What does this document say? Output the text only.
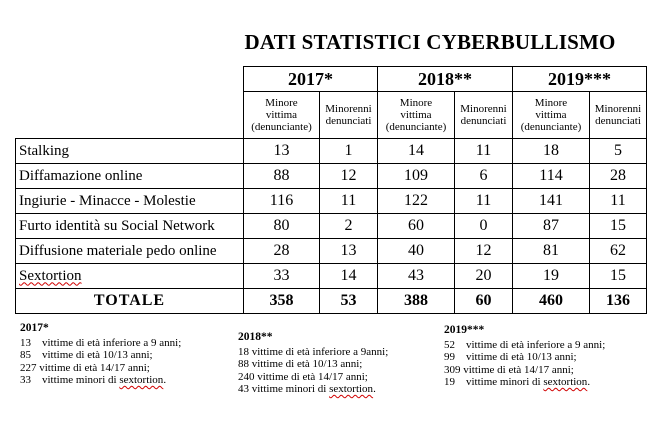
DATI STATISTICI CYBERBULLISMO
	2017*		2018**		2019***	

	Minore
vittima
(denunciante)	Minorenni
denunciati	Minore
vittima
(denunciante)	Minorenni
denunciati	Minore
vittima
(denunciante)	Minorenni
denunciati

Stalking	13	1	14	11	18	5
Diffamazione online	88	12	109	6	114	28
Ingiurie - Minacce - Molestie	116	11	122	11	141	11
Furto identità su Social Network	80	2	60	0	87	15
Diffusione materiale pedo online	28	13	40	12	81	62
Sextortion	33	14	43	20	19	15
TOTALE	358	53	388	60	460	136
2017*
13    vittime di età inferiore a 9 anni;
85    vittime di età 10/13 anni;
227 vittime di età 14/17 anni;
33    vittime minori di sextortion.
2018**
18 vittime di età inferiore a 9anni;
88 vittime di età 10/13 anni;
240 vittime di età 14/17 anni;
43 vittime minori di sextortion.
2019***
52    vittime di età inferiore a 9 anni;
99    vittime di età 10/13 anni;
309 vittime di età 14/17 anni;
19    vittime minori di sextortion.
